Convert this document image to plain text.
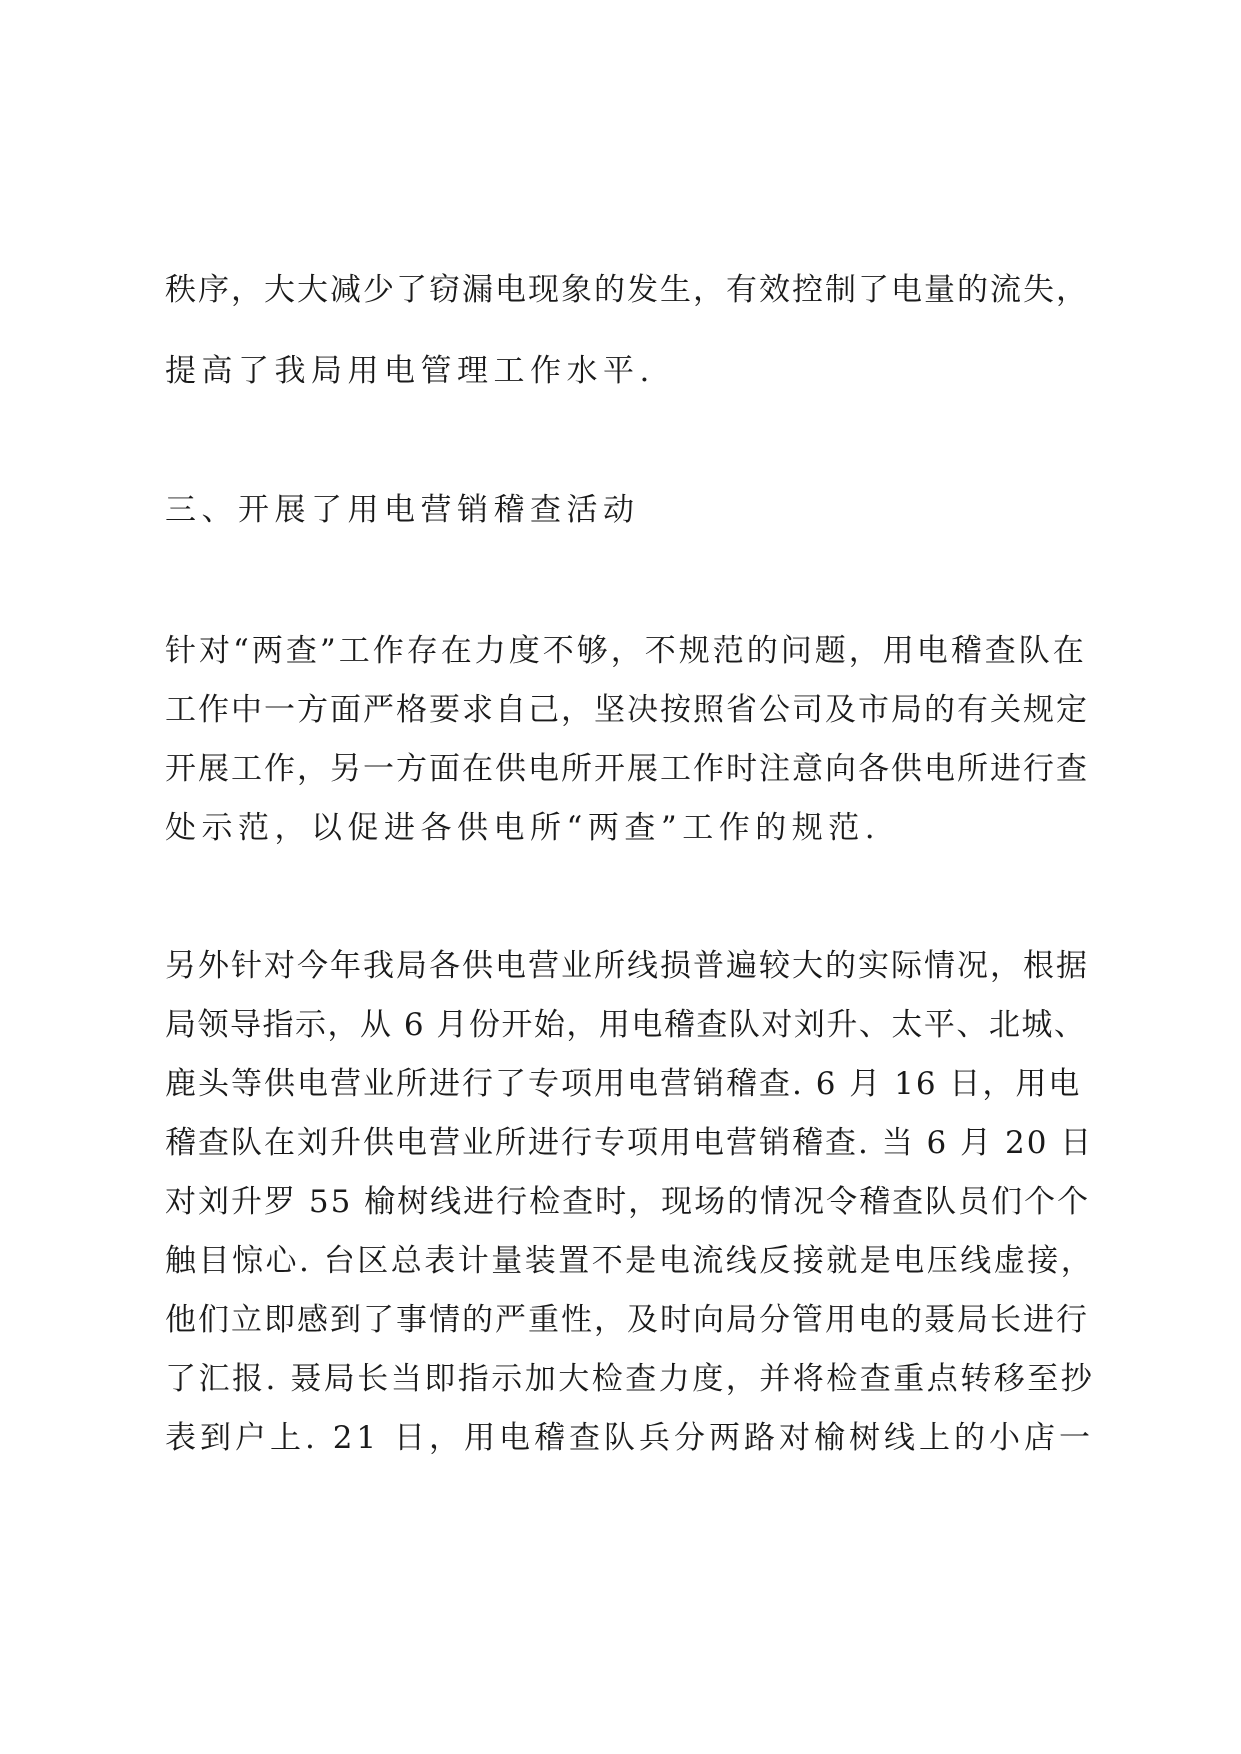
秩序，大大减少了窃漏电现象的发生，有效控制了电量的流失，
提高了我局用电管理工作水平.
三、开展了用电营销稽查活动
针对“两查”工作存在力度不够，不规范的问题，用电稽查队在
工作中一方面严格要求自己，坚决按照省公司及市局的有关规定
开展工作，另一方面在供电所开展工作时注意向各供电所进行查
处示范，以促进各供电所“两查”工作的规范.
另外针对今年我局各供电营业所线损普遍较大的实际情况，根据
局领导指示，从 6 月份开始，用电稽查队对刘升、太平、北城、
鹿头等供电营业所进行了专项用电营销稽查. 6 月 16 日，用电
稽查队在刘升供电营业所进行专项用电营销稽查. 当 6 月 20 日
对刘升罗 55 榆树线进行检查时，现场的情况令稽查队员们个个
触目惊心. 台区总表计量装置不是电流线反接就是电压线虚接，
他们立即感到了事情的严重性，及时向局分管用电的聂局长进行
了汇报. 聂局长当即指示加大检查力度，并将检查重点转移至抄
表到户上. 21 日，用电稽查队兵分两路对榆树线上的小店一
